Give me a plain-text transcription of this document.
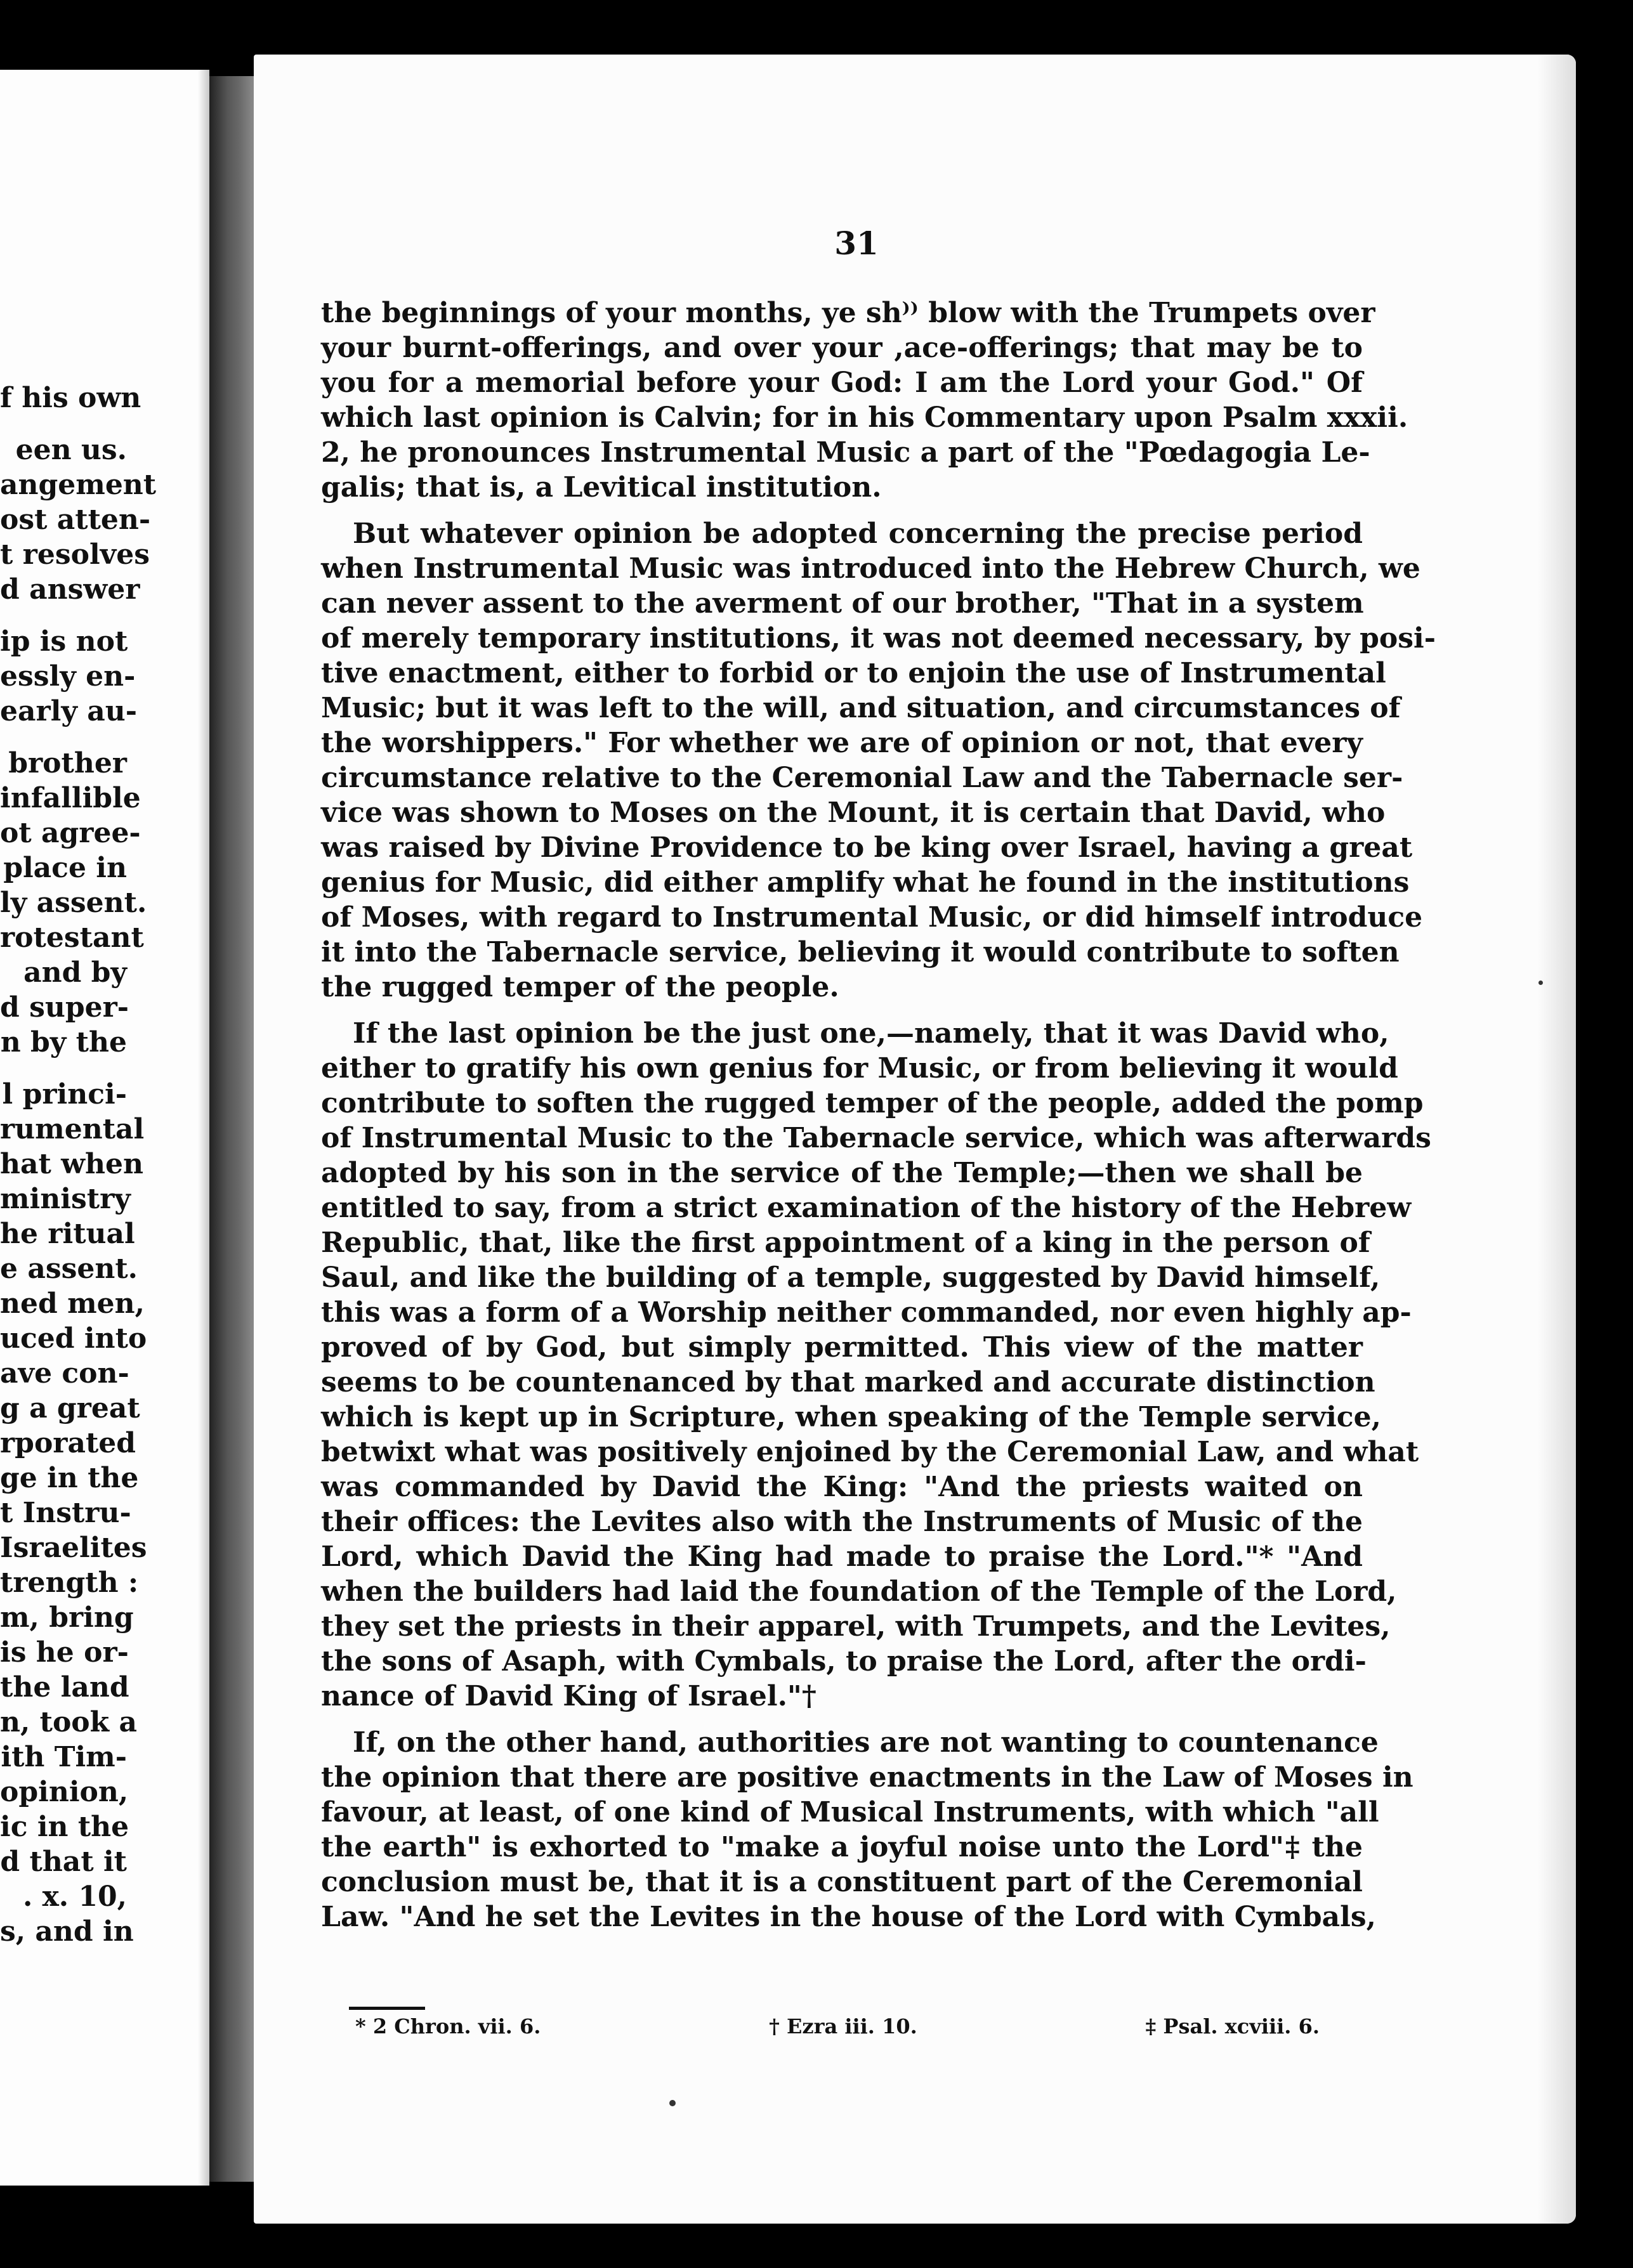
f his own
een us.
angement
ost atten-
t resolves
d answer
ip is not
essly en-
early au-
brother
infallible
ot agree-
place in
ly assent.
rotestant
and by
d super-
n by the
l princi-
rumental
hat when
ministry
he ritual
e assent.
ned men,
uced into
ave con-
g a great
rporated
ge in the
t Instru-
Israelites
trength :
m, bring
is he or-
the land
n, took a
ith Tim-
opinion,
ic in the
d that it
. x. 10,
s, and in
31
the beginnings of your months, ye sh⁾⁾ blow with the Trumpets over
your burnt-offerings, and over your ,ace-offerings; that may be to
you for a memorial before your God: I am the Lord your God." Of
which last opinion is Calvin; for in his Commentary upon Psalm xxxii.
2, he pronounces Instrumental Music a part of the "Pœdagogia Le-
galis; that is, a Levitical institution.
But whatever opinion be adopted concerning the precise period
when Instrumental Music was introduced into the Hebrew Church, we
can never assent to the averment of our brother, "That in a system
of merely temporary institutions, it was not deemed necessary, by posi-
tive enactment, either to forbid or to enjoin the use of Instrumental
Music; but it was left to the will, and situation, and circumstances of
the worshippers." For whether we are of opinion or not, that every
circumstance relative to the Ceremonial Law and the Tabernacle ser-
vice was shown to Moses on the Mount, it is certain that David, who
was raised by Divine Providence to be king over Israel, having a great
genius for Music, did either amplify what he found in the institutions
of Moses, with regard to Instrumental Music, or did himself introduce
it into the Tabernacle service, believing it would contribute to soften
the rugged temper of the people.
If the last opinion be the just one,—namely, that it was David who,
either to gratify his own genius for Music, or from believing it would
contribute to soften the rugged temper of the people, added the pomp
of Instrumental Music to the Tabernacle service, which was afterwards
adopted by his son in the service of the Temple;—then we shall be
entitled to say, from a strict examination of the history of the Hebrew
Republic, that, like the first appointment of a king in the person of
Saul, and like the building of a temple, suggested by David himself,
this was a form of a Worship neither commanded, nor even highly ap-
proved of by God, but simply permitted. This view of the matter
seems to be countenanced by that marked and accurate distinction
which is kept up in Scripture, when speaking of the Temple service,
betwixt what was positively enjoined by the Ceremonial Law, and what
was commanded by David the King: "And the priests waited on
their offices: the Levites also with the Instruments of Music of the
Lord, which David the King had made to praise the Lord."* "And
when the builders had laid the foundation of the Temple of the Lord,
they set the priests in their apparel, with Trumpets, and the Levites,
the sons of Asaph, with Cymbals, to praise the Lord, after the ordi-
nance of David King of Israel."†
If, on the other hand, authorities are not wanting to countenance
the opinion that there are positive enactments in the Law of Moses in
favour, at least, of one kind of Musical Instruments, with which "all
the earth" is exhorted to "make a joyful noise unto the Lord"‡ the
conclusion must be, that it is a constituent part of the Ceremonial
Law. "And he set the Levites in the house of the Lord with Cymbals,
* 2 Chron. vii. 6.	† Ezra iii. 10.	‡ Psal. xcviii. 6.
